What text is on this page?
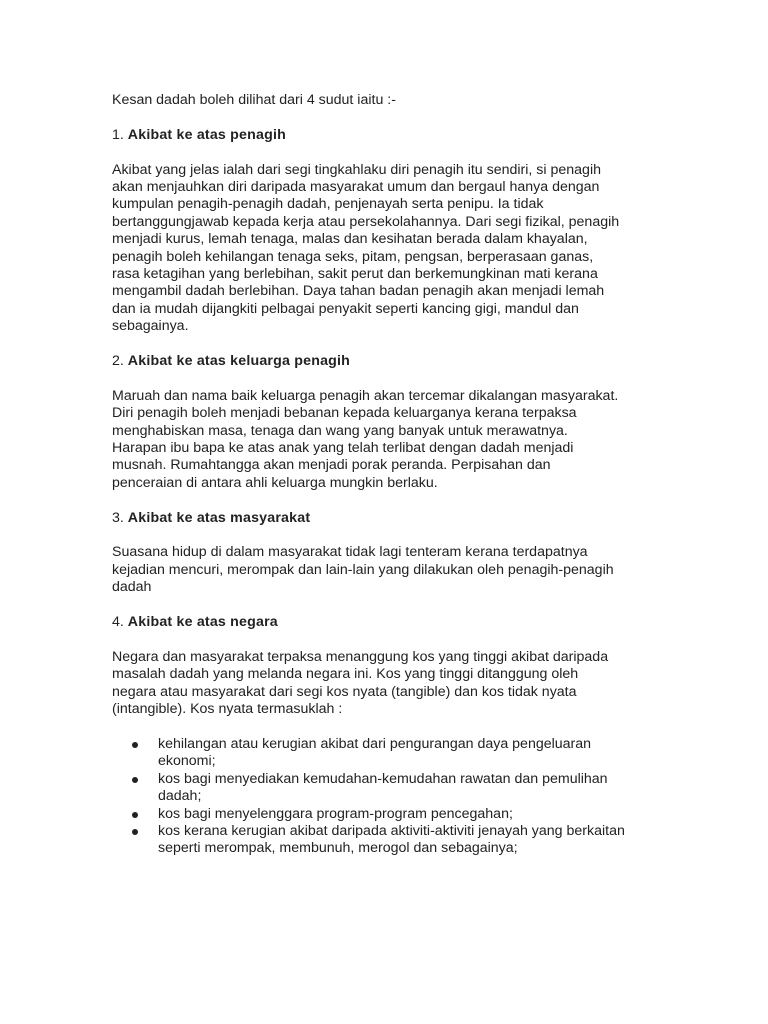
Kesan dadah boleh dilihat dari 4 sudut iaitu :-

1. Akibat ke atas penagih

Akibat yang jelas ialah dari segi tingkahlaku diri penagih itu sendiri, si penagih
akan menjauhkan diri daripada masyarakat umum dan bergaul hanya dengan
kumpulan penagih-penagih dadah, penjenayah serta penipu. Ia tidak
bertanggungjawab kepada kerja atau persekolahannya. Dari segi fizikal, penagih
menjadi kurus, lemah tenaga, malas dan kesihatan berada dalam khayalan,
penagih boleh kehilangan tenaga seks, pitam, pengsan, berperasaan ganas,
rasa ketagihan yang berlebihan, sakit perut dan berkemungkinan mati kerana
mengambil dadah berlebihan. Daya tahan badan penagih akan menjadi lemah
dan ia mudah dijangkiti pelbagai penyakit seperti kancing gigi, mandul dan
sebagainya.

2. Akibat ke atas keluarga penagih

Maruah dan nama baik keluarga penagih akan tercemar dikalangan masyarakat.
Diri penagih boleh menjadi bebanan kepada keluarganya kerana terpaksa
menghabiskan masa, tenaga dan wang yang banyak untuk merawatnya.
Harapan ibu bapa ke atas anak yang telah terlibat dengan dadah menjadi
musnah. Rumahtangga akan menjadi porak peranda. Perpisahan dan
penceraian di antara ahli keluarga mungkin berlaku.

3. Akibat ke atas masyarakat

Suasana hidup di dalam masyarakat tidak lagi tenteram kerana terdapatnya
kejadian mencuri, merompak dan lain-lain yang dilakukan oleh penagih-penagih
dadah

4. Akibat ke atas negara

Negara dan masyarakat terpaksa menanggung kos yang tinggi akibat daripada
masalah dadah yang melanda negara ini. Kos yang tinggi ditanggung oleh
negara atau masyarakat dari segi kos nyata (tangible) dan kos tidak nyata
(intangible). Kos nyata termasuklah :

kehilangan atau kerugian akibat dari pengurangan daya pengeluaran
ekonomi;
kos bagi menyediakan kemudahan-kemudahan rawatan dan pemulihan
dadah;
kos bagi menyelenggara program-program pencegahan;
kos kerana kerugian akibat daripada aktiviti-aktiviti jenayah yang berkaitan
seperti merompak, membunuh, merogol dan sebagainya;
